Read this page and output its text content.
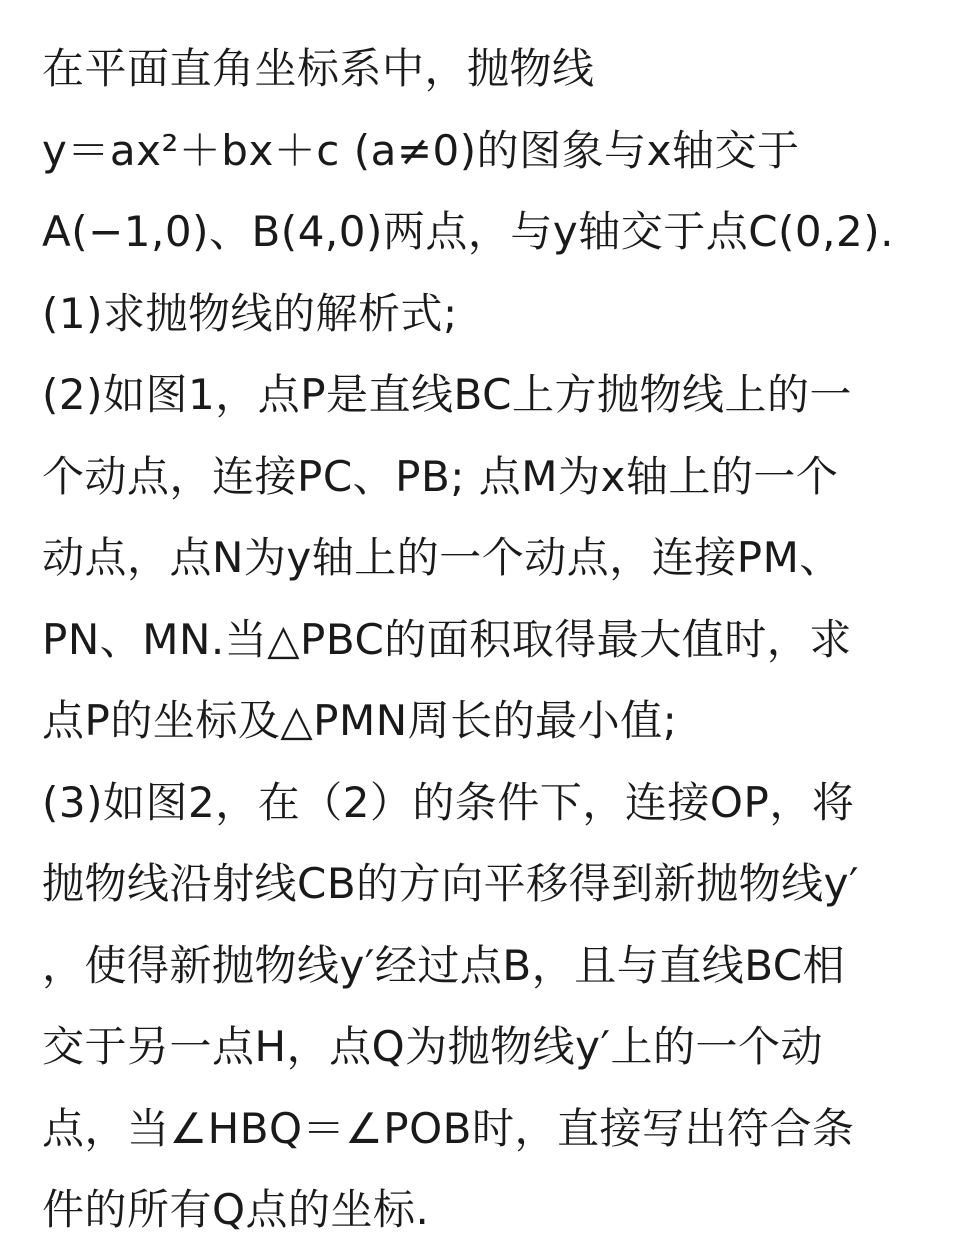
在平面直角坐标系中，抛物线
y＝ax²＋bx＋c (a≠0)的图象与x轴交于
A(−1,0)、B(4,0)两点，与y轴交于点C(0,2).
(1)求抛物线的解析式;
(2)如图1，点P是直线BC上方抛物线上的一
个动点，连接PC、PB; 点M为x轴上的一个
动点，点N为y轴上的一个动点，连接PM、
PN、MN.当△PBC的面积取得最大值时，求
点P的坐标及△PMN周长的最小值;
(3)如图2，在（2）的条件下，连接OP，将
抛物线沿射线CB的方向平移得到新抛物线y′
，使得新抛物线y′经过点B，且与直线BC相
交于另一点H，点Q为抛物线y′上的一个动
点，当∠HBQ＝∠POB时，直接写出符合条
件的所有Q点的坐标.
